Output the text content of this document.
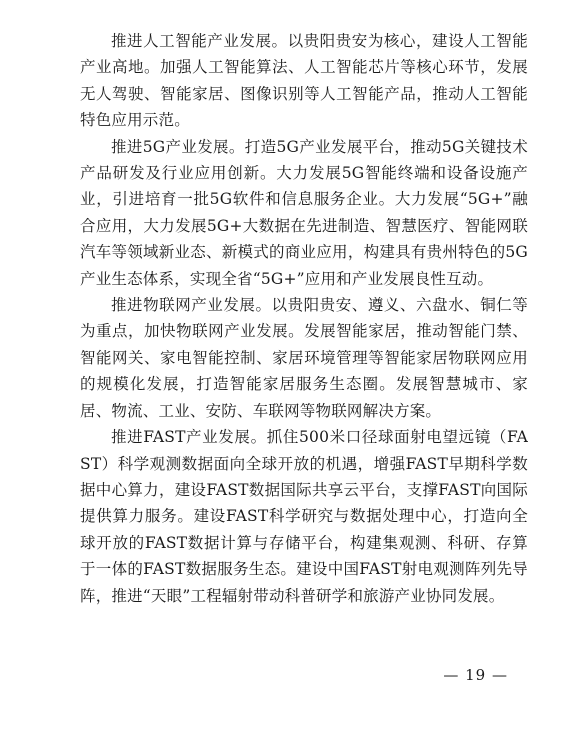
推进人工智能产业发展。以贵阳贵安为核心，建设人工智能产业高地。加强人工智能算法、人工智能芯片等核心环节，发展无人驾驶、智能家居、图像识别等人工智能产品，推动人工智能特色应用示范。

推进5G产业发展。打造5G产业发展平台，推动5G关键技术产品研发及行业应用创新。大力发展5G智能终端和设备设施产业，引进培育一批5G软件和信息服务企业。大力发展“5G+”融合应用，大力发展5G+大数据在先进制造、智慧医疗、智能网联汽车等领域新业态、新模式的商业应用，构建具有贵州特色的5G产业生态体系，实现全省“5G+”应用和产业发展良性互动。

推进物联网产业发展。以贵阳贵安、遵义、六盘水、铜仁等为重点，加快物联网产业发展。发展智能家居，推动智能门禁、智能网关、家电智能控制、家居环境管理等智能家居物联网应用的规模化发展，打造智能家居服务生态圈。发展智慧城市、家居、物流、工业、安防、车联网等物联网解决方案。

推进FAST产业发展。抓住500米口径球面射电望远镜（FAST）科学观测数据面向全球开放的机遇，增强FAST早期科学数据中心算力，建设FAST数据国际共享云平台，支撑FAST向国际提供算力服务。建设FAST科学研究与数据处理中心，打造向全球开放的FAST数据计算与存储平台，构建集观测、科研、存算于一体的FAST数据服务生态。建设中国FAST射电观测阵列先导阵，推进“天眼”工程辐射带动科普研学和旅游产业协同发展。

— 19 —
